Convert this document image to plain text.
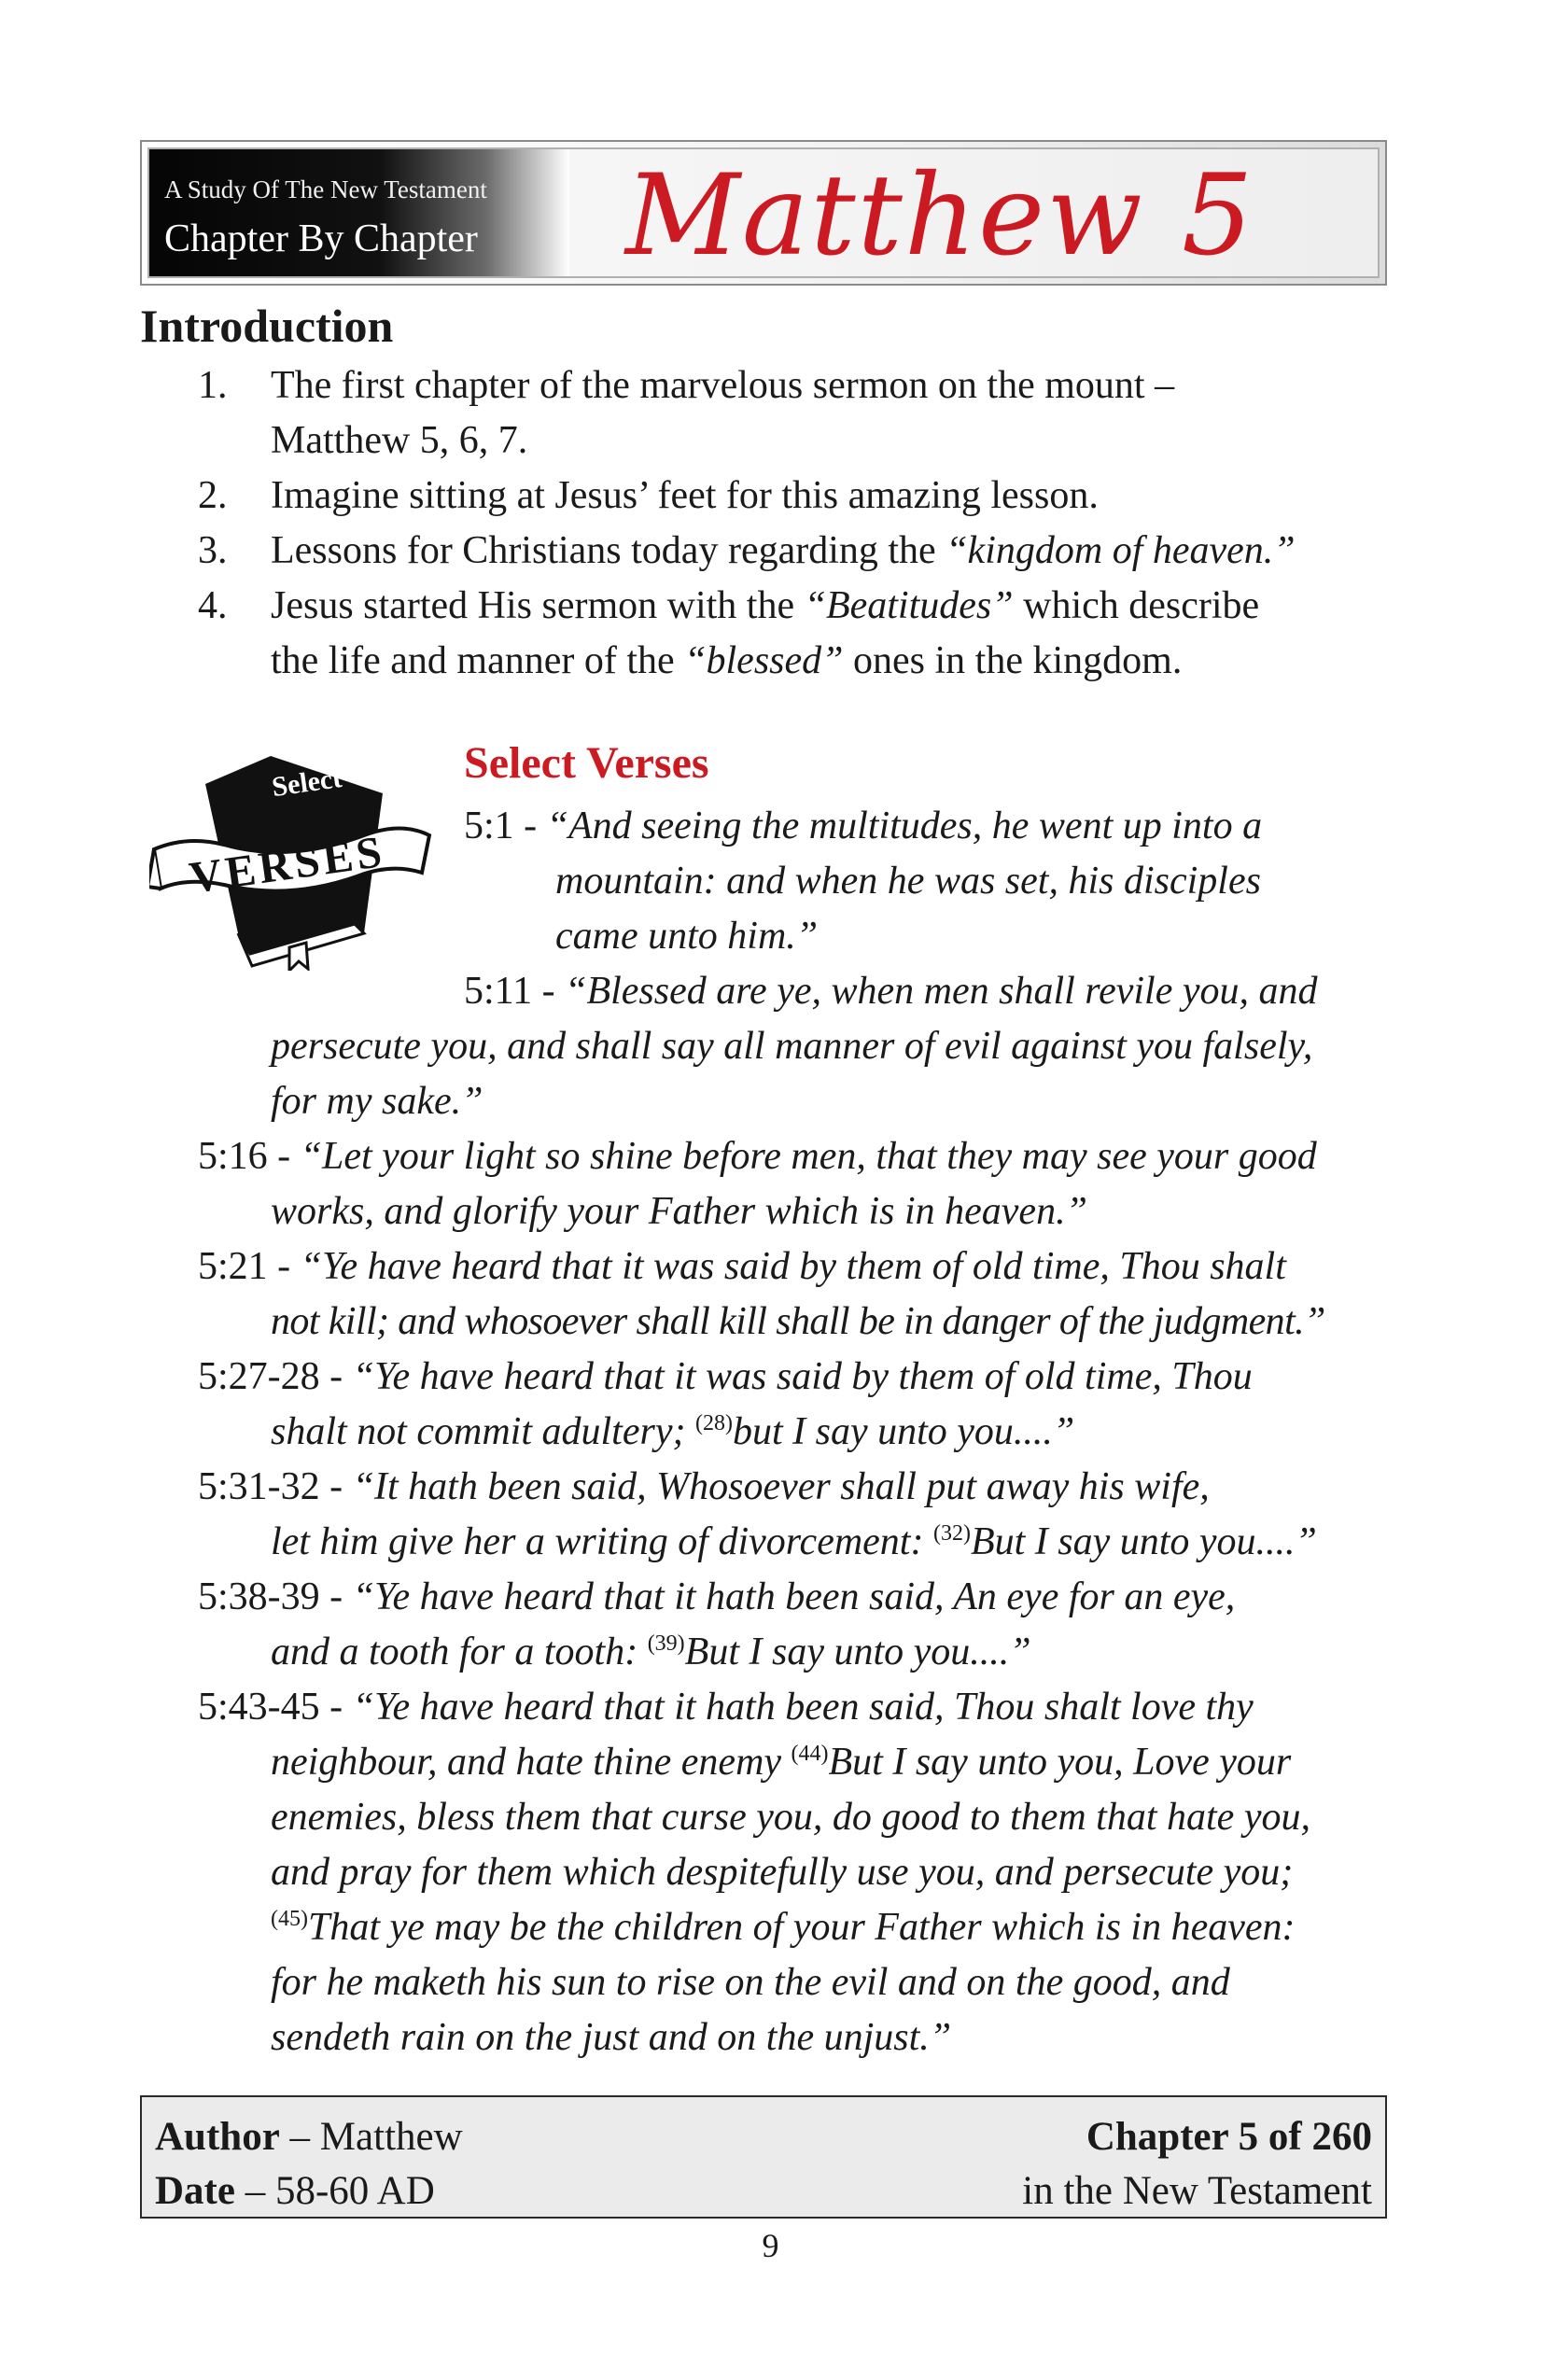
A Study Of The New Testament
Chapter By Chapter Matthew 5
Introduction
1. The first chapter of the marvelous sermon on the mount –
Matthew 5, 6, 7.
2. Imagine sitting at Jesus’ feet for this amazing lesson.
3. Lessons for Christians today regarding the “kingdom of heaven.”
4. Jesus started His sermon with the “Beatitudes” which describe
the life and manner of the “blessed” ones in the kingdom.
Select
VERSES
Select Verses
5:1 - “And seeing the multitudes, he went up into a
mountain: and when he was set, his disciples
came unto him.”
5:11 - “Blessed are ye, when men shall revile you, and
persecute you, and shall say all manner of evil against you falsely,
for my sake.”
5:16 - “Let your light so shine before men, that they may see your good
works, and glorify your Father which is in heaven.”
5:21 - “Ye have heard that it was said by them of old time, Thou shalt
not kill; and whosoever shall kill shall be in danger of the judgment.”
5:27-28 - “Ye have heard that it was said by them of old time, Thou
shalt not commit adultery; $^{(28)}$but I say unto you....”
5:31-32 - “It hath been said, Whosoever shall put away his wife,
let him give her a writing of divorcement: $^{(32)}$But I say unto you....”
5:38-39 - “Ye have heard that it hath been said, An eye for an eye,
and a tooth for a tooth: $^{(39)}$But I say unto you....”
5:43-45 - “Ye have heard that it hath been said, Thou shalt love thy
neighbour, and hate thine enemy $^{(44)}$But I say unto you, Love your
enemies, bless them that curse you, do good to them that hate you,
and pray for them which despitefully use you, and persecute you;
$^{(45)}$That ye may be the children of your Father which is in heaven:
for he maketh his sun to rise on the evil and on the good, and
sendeth rain on the just and on the unjust.”
Author – Matthew
Date – 58-60 AD
Chapter 5 of 260
in the New Testament
9
